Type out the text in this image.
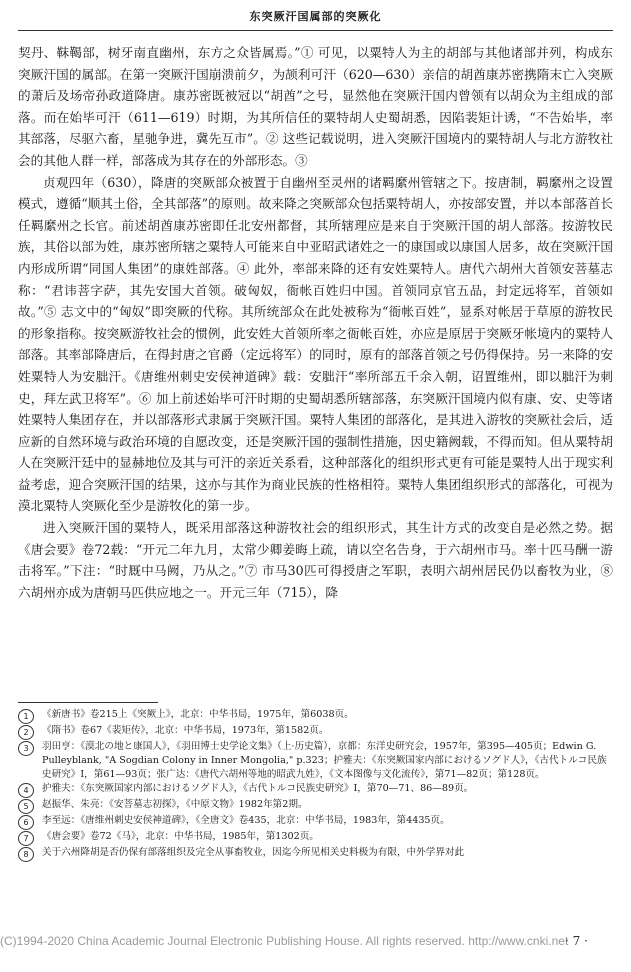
东突厥汗国属部的突厥化

契丹、靺鞨部，树牙南直幽州，东方之众皆属焉。”① 可见，以粟特人为主的胡部与其他诸部并列，构成东突厥汗国的属部。在第一突厥汗国崩溃前夕，为颉利可汗（620—630）亲信的胡酋康苏密携隋末亡入突厥的萧后及场帝孙政道降唐。康苏密既被冠以“胡酋”之号，显然他在突厥汗国内曾领有以胡众为主组成的部落。而在始毕可汗（611—619）时期，为其所信任的粟特胡人史蜀胡悉，因陷裴矩计诱，“不告始毕，率其部落，尽驱六畜，星驰争进，冀先互市”。② 这些记载说明，进入突厥汗国境内的粟特胡人与北方游牧社会的其他人群一样，部落成为其存在的外部形态。③

贞观四年（630），降唐的突厥部众被置于自幽州至灵州的诸羁縻州管辖之下。按唐制，羁縻州之设置模式，遵循“顺其土俗，全其部落”的原则。故来降之突厥部众包括粟特胡人，亦按部安置，并以本部落首长任羁縻州之长官。前述胡酋康苏密即任北安州都督，其所辖理应是来自于突厥汗国的胡人部落。按游牧民族，其俗以部为姓，康苏密所辖之粟特人可能来自中亚昭武诸姓之一的康国或以康国人居多，故在突厥汗国内形成所谓“同国人集团”的康姓部落。④ 此外，率部来降的还有安姓粟特人。唐代六胡州大首领安菩墓志称：“君讳菩字萨，其先安国大首领。破匈奴，衙帐百姓归中国。首领同京官五品，封定远将军，首领如故。”⑤ 志文中的“匈奴”即突厥的代称。其所统部众在此处被称为“衙帐百姓”，显系对帐居于草原的游牧民的形象指称。按突厥游牧社会的惯例，此安姓大首领所率之衙帐百姓，亦应是原居于突厥牙帐境内的粟特人部落。其率部降唐后，在得封唐之官爵（定远将军）的同时，原有的部落首领之号仍得保持。另一来降的安姓粟特人为安胐汗。《唐维州刺史安侯神道碑》载：安胐汗“率所部五千余入朝，诏置维州，即以胐汗为刺史，拜左武卫将军”。⑥ 加上前述始毕可汗时期的史蜀胡悉所辖部落，东突厥汗国境内似有康、安、史等诸姓粟特人集团存在，并以部落形式隶属于突厥汗国。粟特人集团的部落化，是其进入游牧的突厥社会后，适应新的自然环境与政治环境的自愿改变，还是突厥汗国的强制性措施，因史籍阙载，不得而知。但从粟特胡人在突厥汗廷中的显赫地位及其与可汗的亲近关系看，这种部落化的组织形式更有可能是粟特人出于现实利益考虑，迎合突厥汗国的结果，这亦与其作为商业民族的性格相符。粟特人集团组织形式的部落化，可视为漠北粟特人突厥化至少是游牧化的第一步。

进入突厥汗国的粟特人，既采用部落这种游牧社会的组织形式，其生计方式的改变自是必然之势。据《唐会要》卷72载：“开元二年九月，太常少卿姜晦上疏，请以空名告身，于六胡州市马。率十匹马酬一游击将军。”下注：“时厩中马阙，乃从之。”⑦ 市马30匹可得授唐之军职，表明六胡州居民仍以畜牧为业，⑧ 六胡州亦成为唐朝马匹供应地之一。开元三年（715），降

1	《新唐书》卷215上《突厥上》，北京：中华书局，1975年，第6038页。
2	《隋书》卷67《裴矩传》，北京：中华书局，1973年，第1582页。
3	羽田亨：《漠北の地と康国人》，《羽田博士史学论文集》（上·历史篇），京都：东洋史研究会，1957年，第395—405页；Edwin G. Pulleyblank, "A Sogdian Colony in Inner Mongolia," p.323；护雅夫：《东突厥国家内部におけるソグド人》，《古代トルコ民族史研究》I，第61—93页；张广达：《唐代六胡州等地的昭武九姓》，《文本图像与文化流传》，第71—82页；第128页。
4	护雅夫：《东突厥国家内部におけるソグド人》，《古代トルコ民族史研究》I，第70—71、86—89页。
5	赵振华、朱亮：《安菩墓志初探》，《中原文物》1982年第2期。
6	李至远：《唐维州刺史安侯神道碑》，《全唐文》卷435，北京：中华书局，1983年，第4435页。
7	《唐会要》卷72《马》，北京：中华书局，1985年，第1302页。
8	关于六州降胡是否仍保有部落组织及完全从事畜牧业，因迄今所见相关史料极为有限，中外学界对此
(C)1994-2020 China Academic Journal Electronic Publishing House. All rights reserved. http://www.cnki.net
· 7 ·
